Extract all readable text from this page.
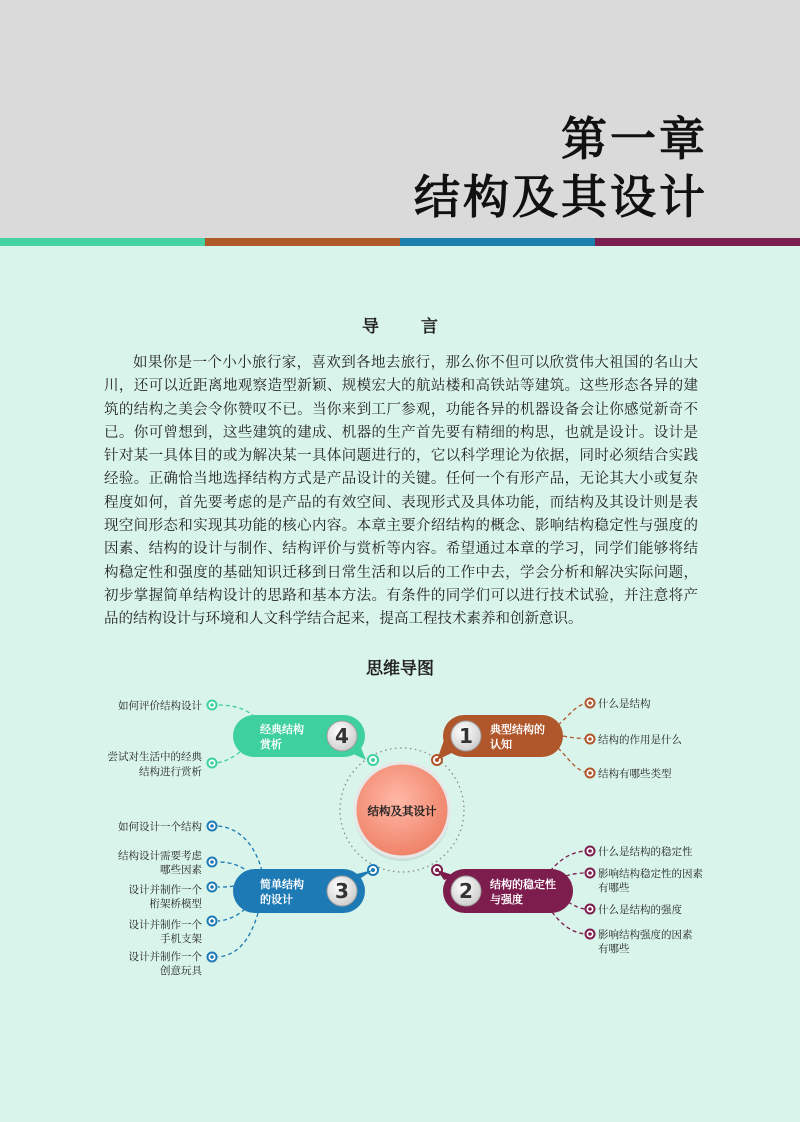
第一章
结构及其设计
导 言

如果你是一个小小旅行家，喜欢到各地去旅行，那么你不但可以欣赏伟大祖国的名山大川，还可以近距离地观察造型新颖、规模宏大的航站楼和高铁站等建筑。这些形态各异的建筑的结构之美会令你赞叹不已。当你来到工厂参观，功能各异的机器设备会让你感觉新奇不已。你可曾想到，这些建筑的建成、机器的生产首先要有精细的构思，也就是设计。设计是针对某一具体目的或为解决某一具体问题进行的，它以科学理论为依据，同时必须结合实践经验。正确恰当地选择结构方式是产品设计的关键。任何一个有形产品，无论其大小或复杂程度如何，首先要考虑的是产品的有效空间、表现形式及具体功能，而结构及其设计则是表现空间形态和实现其功能的核心内容。本章主要介绍结构的概念、影响结构稳定性与强度的因素、结构的设计与制作、结构评价与赏析等内容。希望通过本章的学习，同学们能够将结构稳定性和强度的基础知识迁移到日常生活和以后的工作中去，学会分析和解决实际问题，初步掌握简单结构设计的思路和基本方法。有条件的同学们可以进行技术试验，并注意将产品的结构设计与环境和人文科学结合起来，提高工程技术素养和创新意识。

思维导图
结构及其设计
1 典型结构的
认知
什么是结构
结构的作用是什么
结构有哪些类型
4
经典结构
赏析
如何评价结构设计
尝试对生活中的经典
结构进行赏析
3
简单结构
的设计
如何设计一个结构
结构设计需要考虑
哪些因素
设计并制作一个
桁架桥模型
设计并制作一个
手机支架
设计并制作一个
创意玩具
2 结构的稳定性
与强度
什么是结构的稳定性
影响结构稳定性的因素
有哪些
什么是结构的强度
影响结构强度的因素
有哪些
